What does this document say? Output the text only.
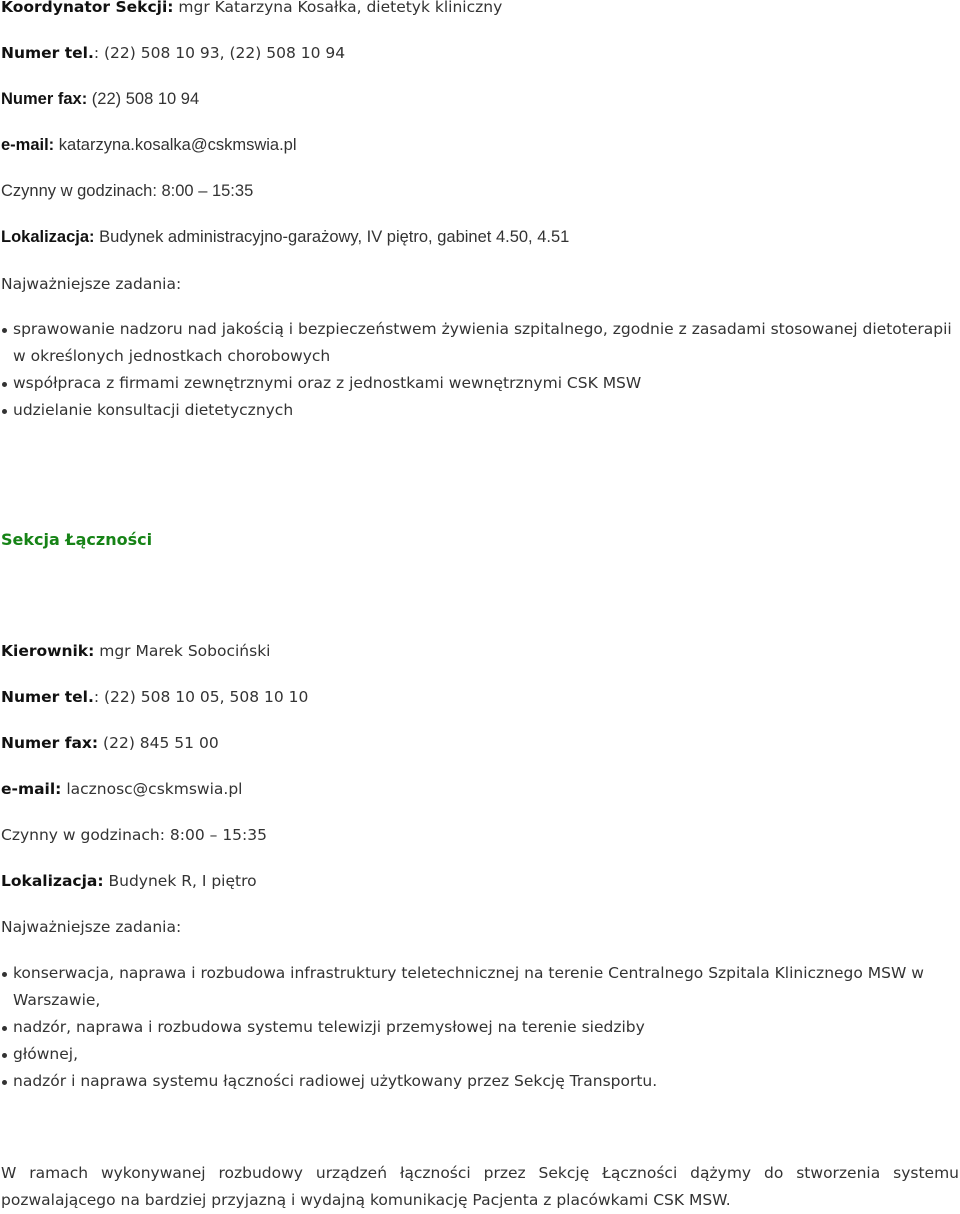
Koordynator Sekcji: mgr Katarzyna Kosałka, dietetyk kliniczny
Numer tel.: (22) 508 10 93, (22) 508 10 94
Numer fax: (22) 508 10 94
e-mail: katarzyna.kosalka@cskmswia.pl
Czynny w godzinach: 8:00 – 15:35
Lokalizacja: Budynek administracyjno-garażowy, IV piętro, gabinet 4.50, 4.51
Najważniejsze zadania:
sprawowanie nadzoru nad jakością i bezpieczeństwem żywienia szpitalnego, zgodnie z zasadami stosowanej dietoterapii w określonych jednostkach chorobowych
współpraca z firmami zewnętrznymi oraz z jednostkami wewnętrznymi CSK MSW
udzielanie konsultacji dietetycznych
Sekcja Łączności
Kierownik: mgr Marek Sobociński
Numer tel.: (22) 508 10 05, 508 10 10
Numer fax: (22) 845 51 00
e-mail: lacznosc@cskmswia.pl
Czynny w godzinach: 8:00 – 15:35
Lokalizacja: Budynek R, I piętro
Najważniejsze zadania:
konserwacja, naprawa i rozbudowa infrastruktury teletechnicznej na terenie Centralnego Szpitala Klinicznego MSW w Warszawie,
nadzór, naprawa i rozbudowa systemu telewizji przemysłowej na terenie siedziby
głównej,
nadzór i naprawa systemu łączności radiowej użytkowany przez Sekcję Transportu.
W ramach wykonywanej rozbudowy urządzeń łączności przez Sekcję Łączności dążymy do stworzenia systemu
pozwalającego na bardziej przyjazną i wydajną komunikację Pacjenta z placówkami CSK MSW.
